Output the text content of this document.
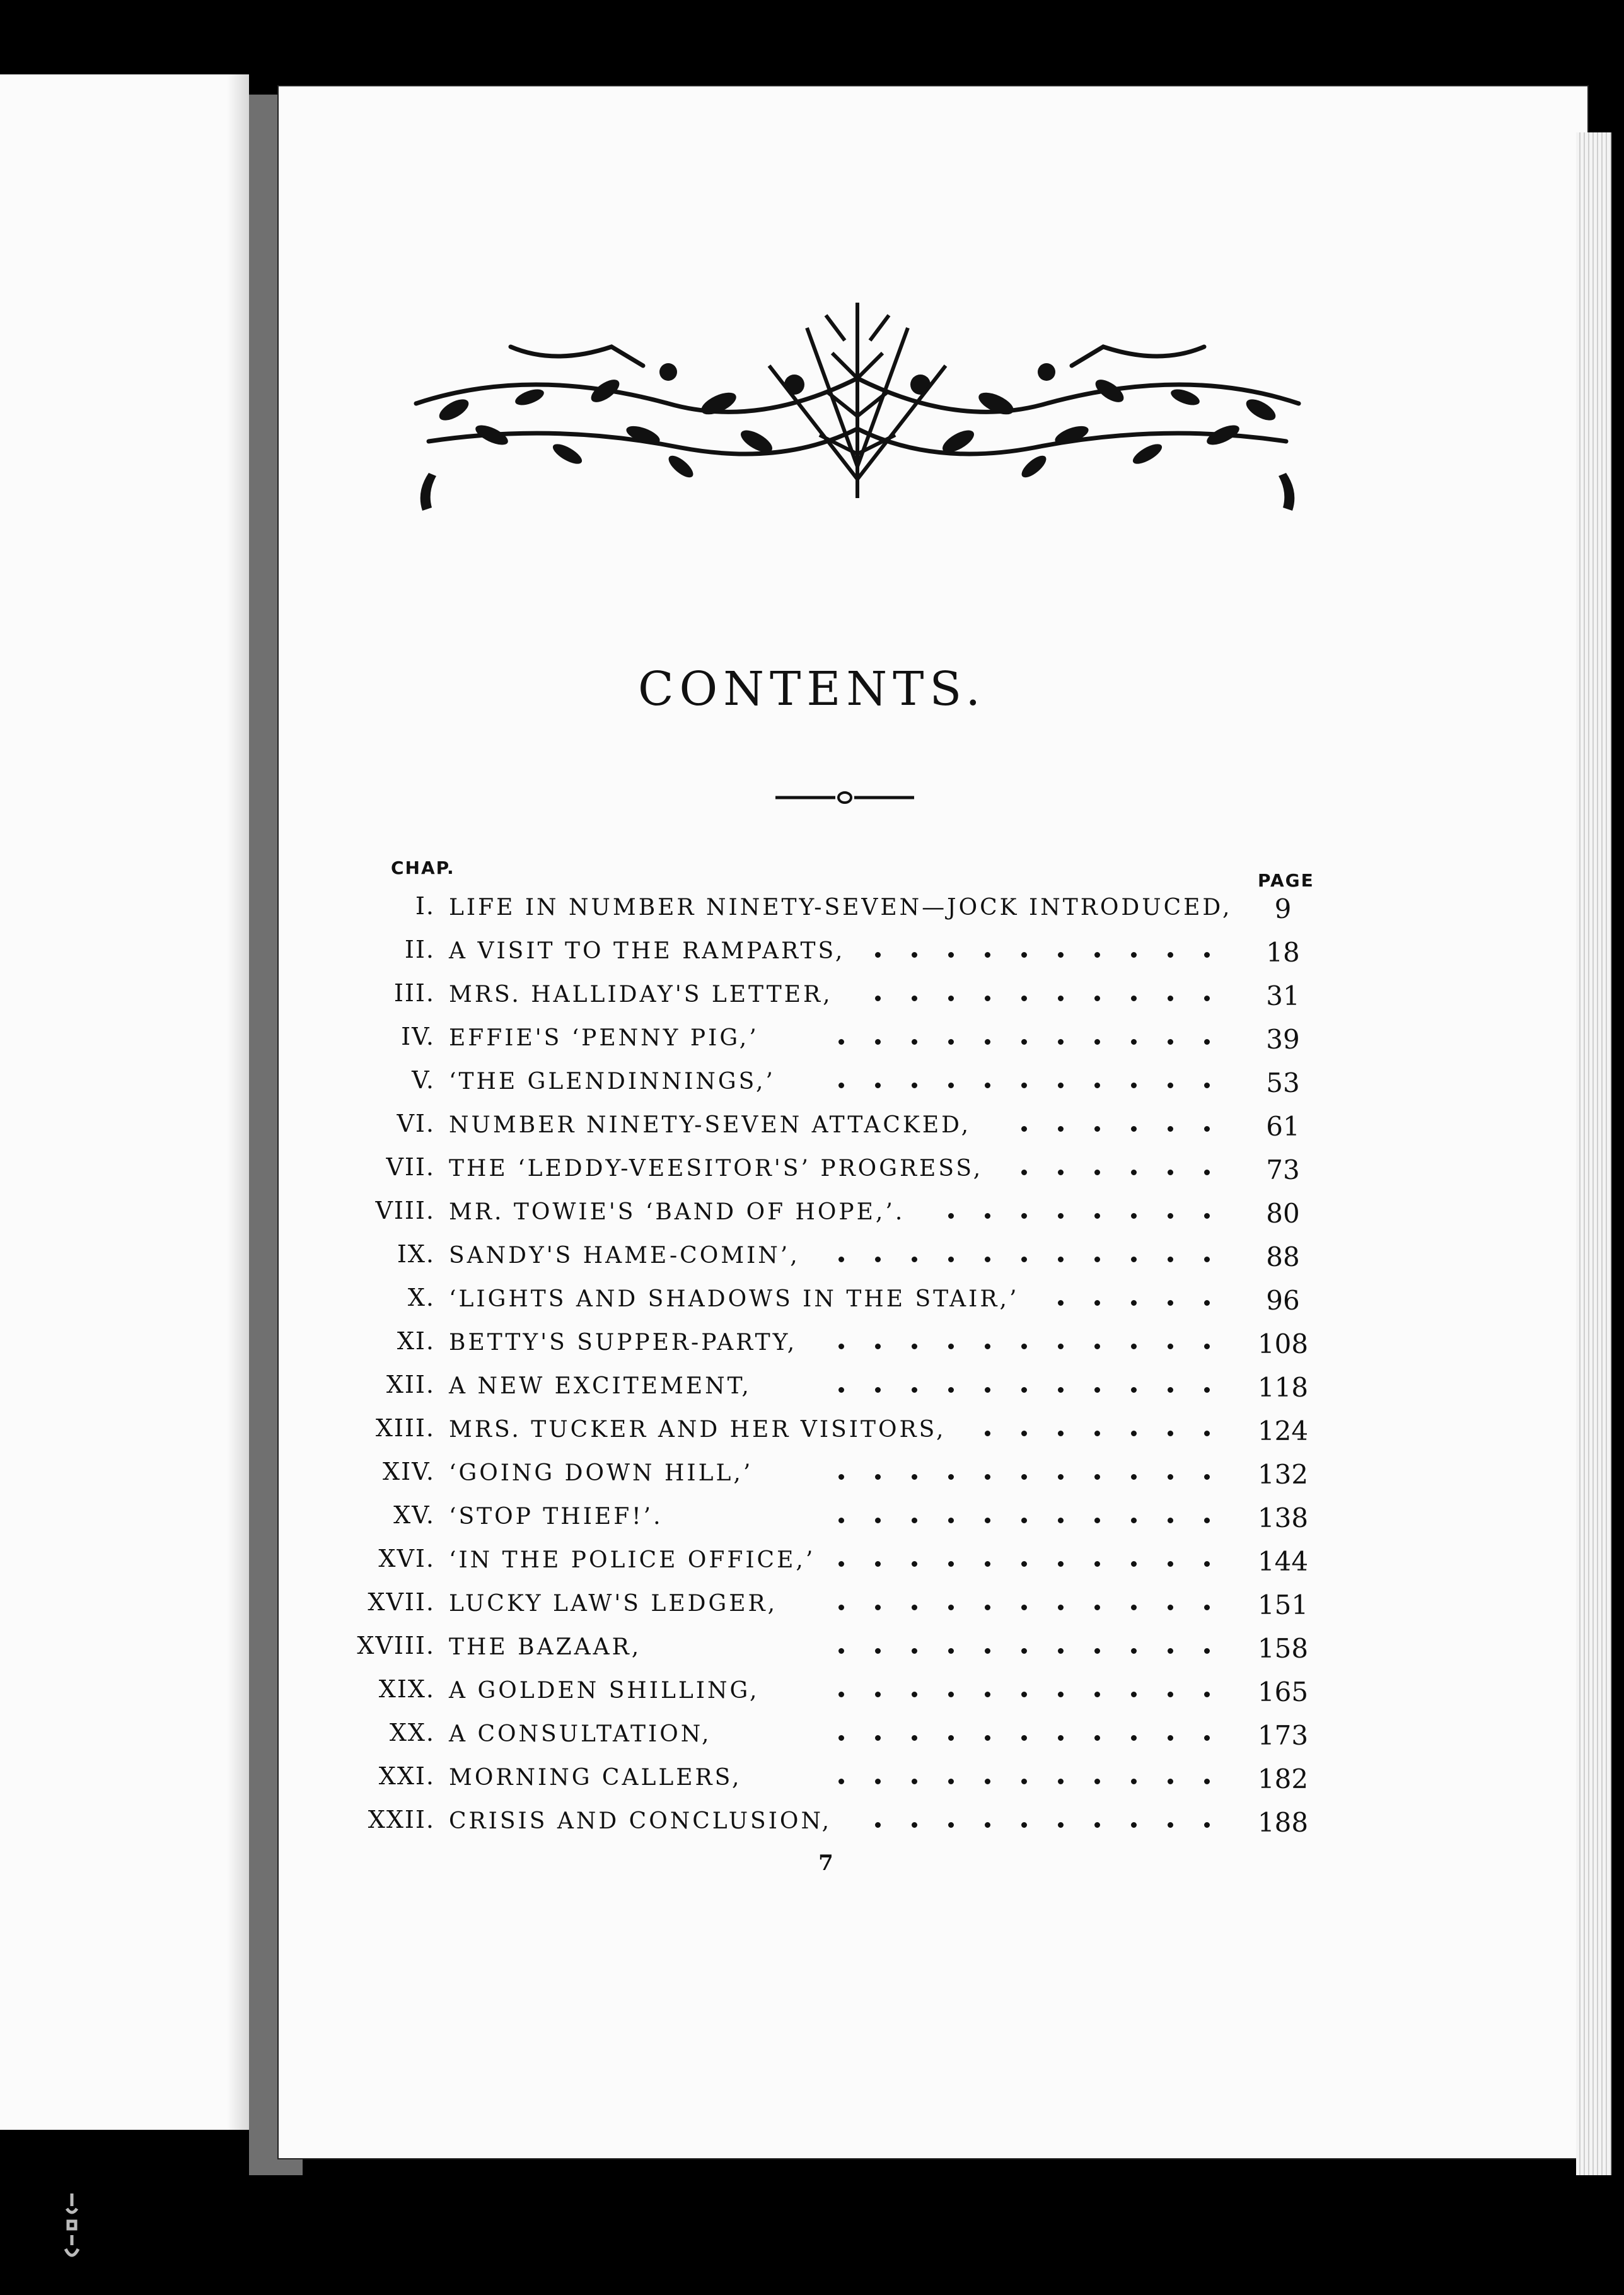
CONTENTS.
CHAP.
PAGE
I. LIFE IN NUMBER NINETY-SEVEN—JOCK INTRODUCED,	9
II. A VISIT TO THE RAMPARTS,	18
III. MRS. HALLIDAY'S LETTER,	31
IV. EFFIE'S ‘PENNY PIG,’	39
V. ‘THE GLENDINNINGS,’	53
VI. NUMBER NINETY-SEVEN ATTACKED,	61
VII. THE ‘LEDDY-VEESITOR'S’ PROGRESS,	73
VIII. MR. TOWIE'S ‘BAND OF HOPE,’.	80
IX. SANDY'S HAME-COMIN’,	88
X. ‘LIGHTS AND SHADOWS IN THE STAIR,’	96
XI. BETTY'S SUPPER-PARTY,	108
XII. A NEW EXCITEMENT,	118
XIII. MRS. TUCKER AND HER VISITORS,	124
XIV. ‘GOING DOWN HILL,’	132
XV. ‘STOP THIEF!’.	138
XVI. ‘IN THE POLICE OFFICE,’	144
XVII. LUCKY LAW'S LEDGER,	151
XVIII. THE BAZAAR,	158
XIX. A GOLDEN SHILLING,	165
XX. A CONSULTATION,	173
XXI. MORNING CALLERS,	182
XXII. CRISIS AND CONCLUSION,	188
7
